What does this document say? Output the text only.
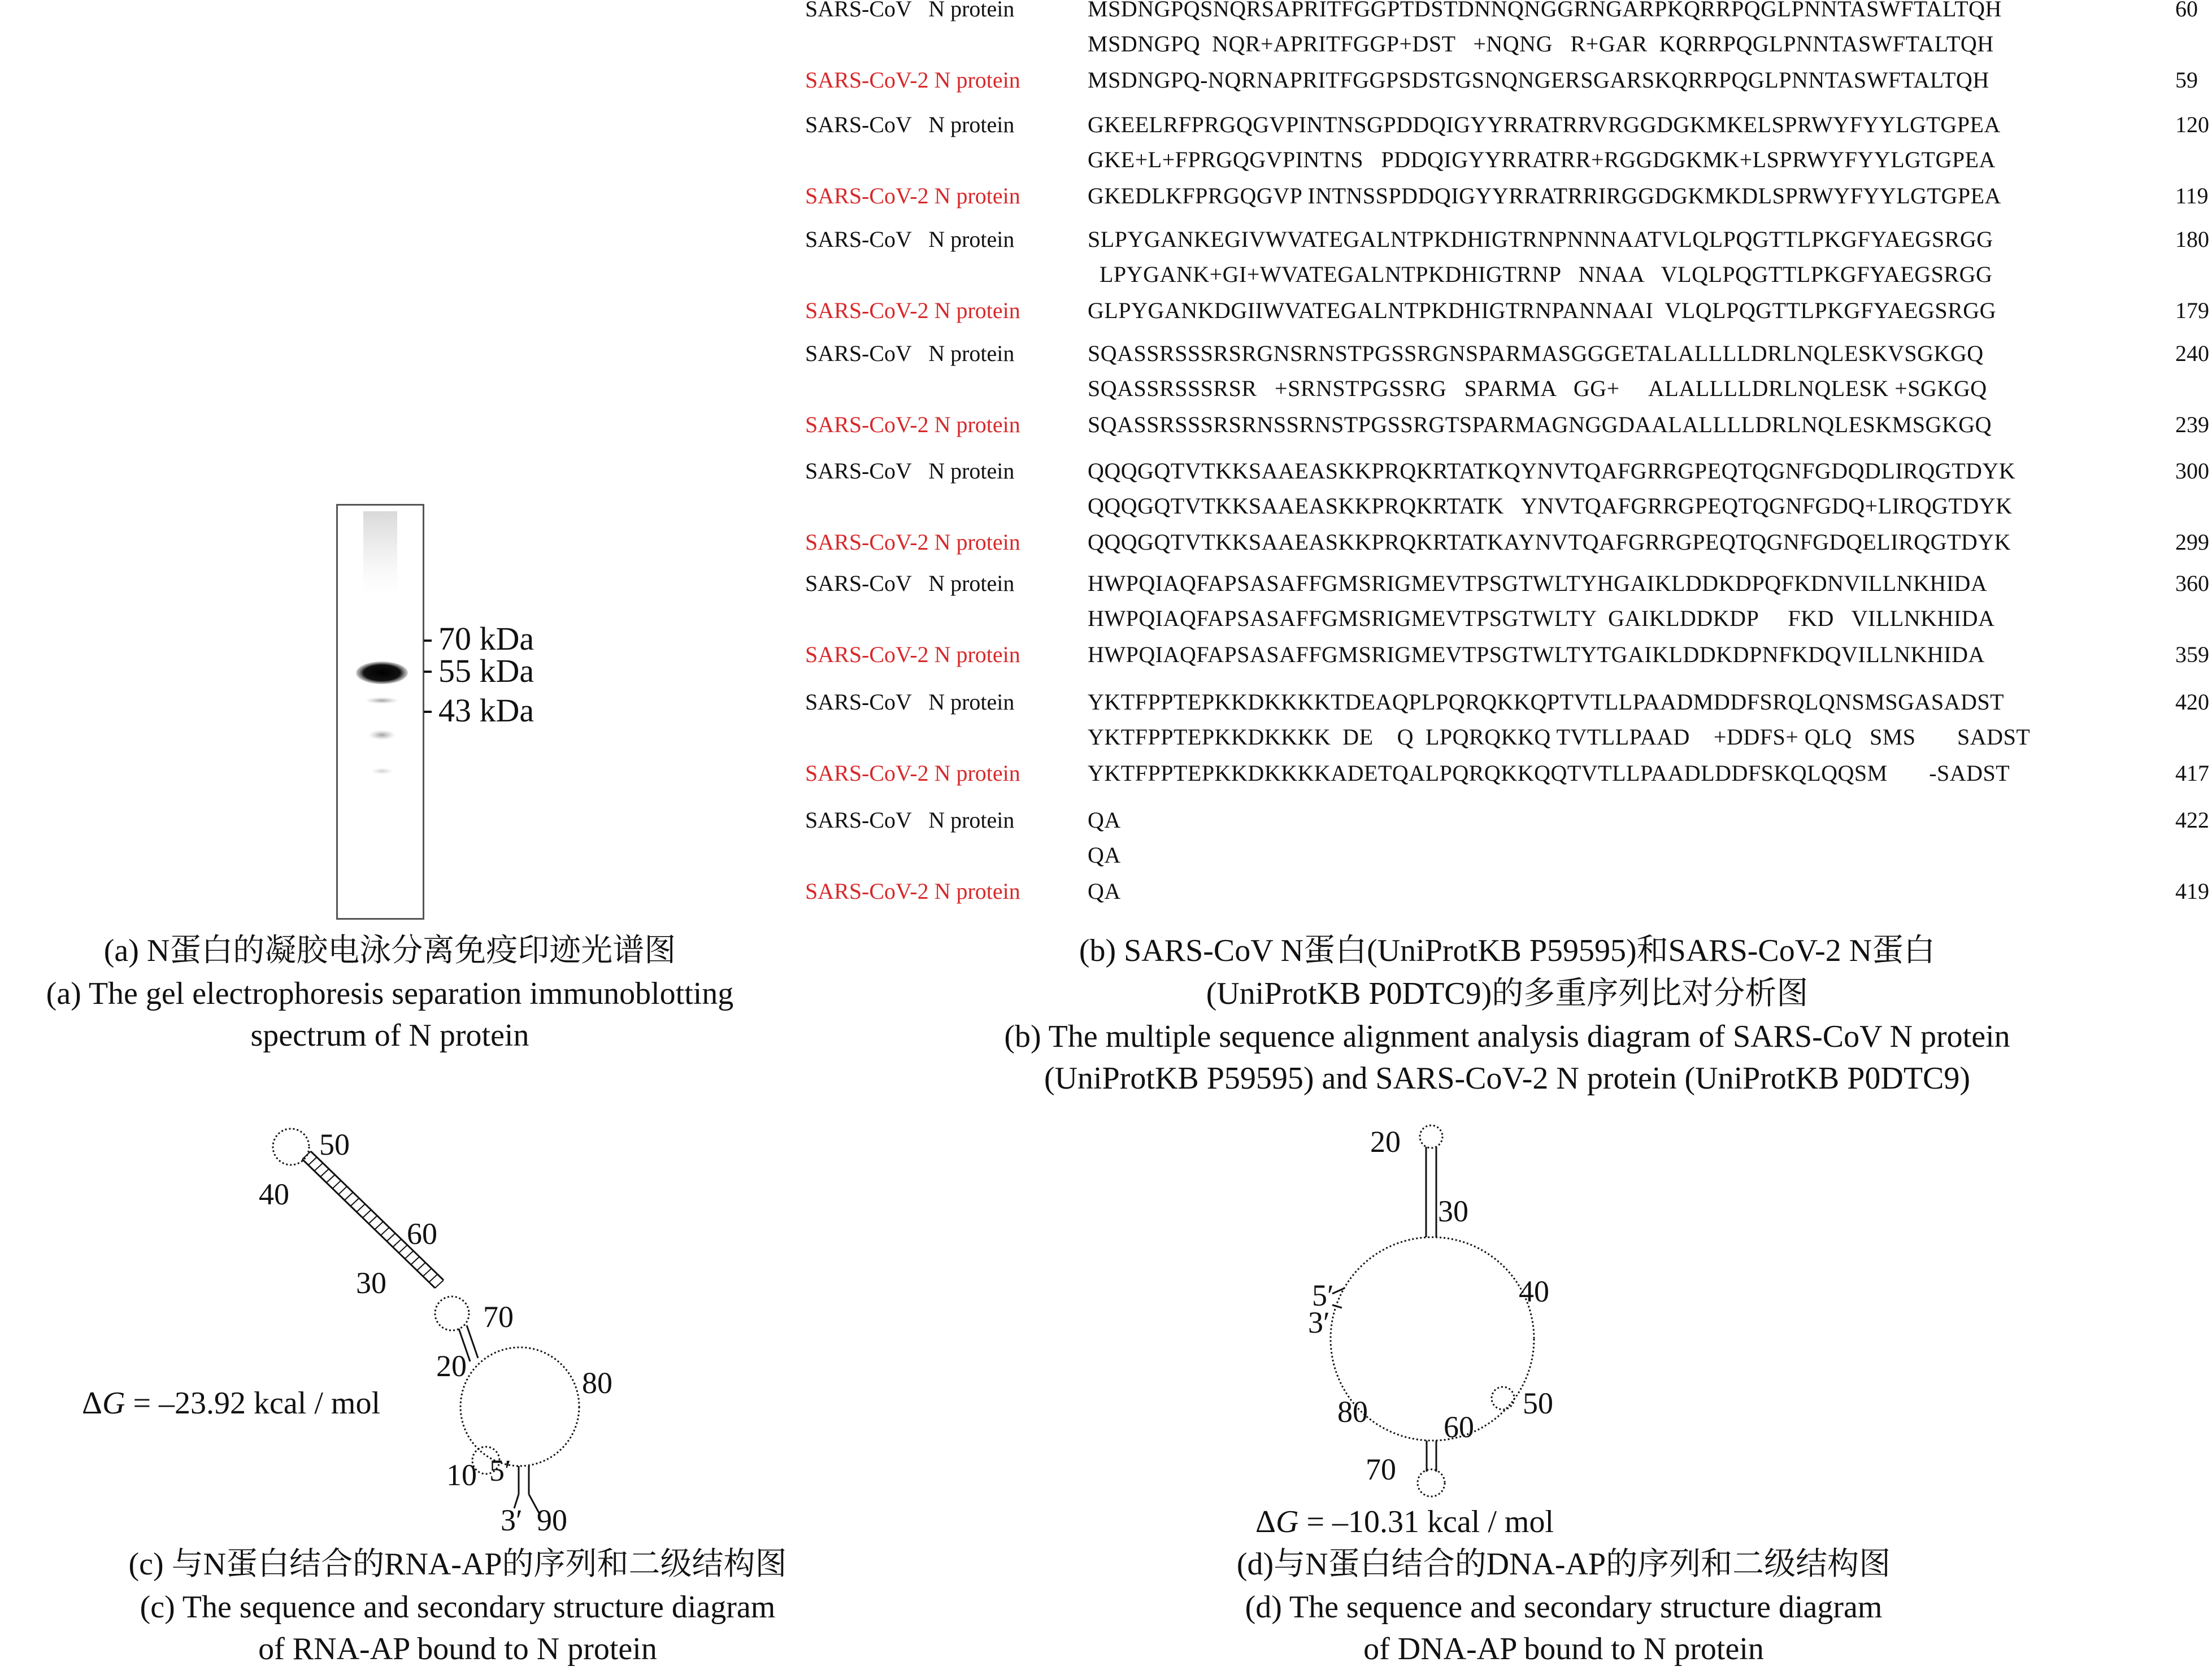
70 kDa
55 kDa
43 kDa
(a) N蛋白的凝胶电泳分离免疫印迹光谱图
(a) The gel electrophoresis separation immunoblotting
spectrum of N protein
SARS-CoV   N protein	MSDNGPQSNQRSAPRITFGGPTDSTDNNQNGGRNGARPKQRRPQGLPNNTASWFTALTQH	60
MSDNGPQ  NQR+APRITFGGP+DST   +NQNG   R+GAR  KQRRPQGLPNNTASWFTALTQH
SARS-CoV-2 N protein	MSDNGPQ-NQRNAPRITFGGPSDSTGSNQNGERSGARSKQRRPQGLPNNTASWFTALTQH	59
SARS-CoV   N protein	GKEELRFPRGQGVPINTNSGPDDQIGYYRRATRRVRGGDGKMKELSPRWYFYYLGTGPEA	120
GKE+L+FPRGQGVPINTNS   PDDQIGYYRRATRR+RGGDGKMK+LSPRWYFYYLGTGPEA
SARS-CoV-2 N protein	GKEDLKFPRGQGVP INTNSSPDDQIGYYRRATRRIRGGDGKMKDLSPRWYFYYLGTGPEA	119
SARS-CoV   N protein	SLPYGANKEGIVWVATEGALNTPKDHIGTRNPNNNAATVLQLPQGTTLPKGFYAEGSRGG	180
LPYGANK+GI+WVATEGALNTPKDHIGTRNP   NNAA   VLQLPQGTTLPKGFYAEGSRGG
SARS-CoV-2 N protein	GLPYGANKDGIIWVATEGALNTPKDHIGTRNPANNAAI  VLQLPQGTTLPKGFYAEGSRGG	179
SARS-CoV   N protein	SQASSRSSSRSRGNSRNSTPGSSRGNSPARMASGGGETALALLLLDRLNQLESKVSGKGQ	240
SQASSRSSSRSR   +SRNSTPGSSRG   SPARMA   GG+     ALALLLLDRLNQLESK +SGKGQ
SARS-CoV-2 N protein	SQASSRSSSRSRNSSRNSTPGSSRGTSPARMAGNGGDAALALLLLDRLNQLESKMSGKGQ	239
SARS-CoV   N protein	QQQGQTVTKKSAAEASKKPRQKRTATKQYNVTQAFGRRGPEQTQGNFGDQDLIRQGTDYK	300
QQQGQTVTKKSAAEASKKPRQKRTATK   YNVTQAFGRRGPEQTQGNFGDQ+LIRQGTDYK
SARS-CoV-2 N protein	QQQGQTVTKKSAAEASKKPRQKRTATKAYNVTQAFGRRGPEQTQGNFGDQELIRQGTDYK	299
SARS-CoV   N protein	HWPQIAQFAPSASAFFGMSRIGMEVTPSGTWLTYHGAIKLDDKDPQFKDNVILLNKHIDA	360
HWPQIAQFAPSASAFFGMSRIGMEVTPSGTWLTY  GAIKLDDKDP     FKD   VILLNKHIDA
SARS-CoV-2 N protein	HWPQIAQFAPSASAFFGMSRIGMEVTPSGTWLTYTGAIKLDDKDPNFKDQVILLNKHIDA	359
SARS-CoV   N protein	YKTFPPTEPKKDKKKKTDEAQPLPQRQKKQPTVTLLPAADMDDFSRQLQNSMSGASADST	420
YKTFPPTEPKKDKKKK  DE    Q  LPQRQKKQ TVTLLPAAD    +DDFS+ QLQ   SMS       SADST
SARS-CoV-2 N protein	YKTFPPTEPKKDKKKKADETQALPQRQKKQQTVTLLPAADLDDFSKQLQQSM       -SADST	417
SARS-CoV   N protein	QA	422
QA
SARS-CoV-2 N protein	QA	419
(b) SARS-CoV N蛋白(UniProtKB P59595)和SARS-CoV-2 N蛋白
(UniProtKB P0DTC9)的多重序列比对分析图
(b) The multiple sequence alignment analysis diagram of SARS-CoV N protein
(UniProtKB P59595) and SARS-CoV-2 N protein (UniProtKB P0DTC9)
50
40
60
30
70
20	80
10 5′
3′ 90
ΔG = –23.92 kcal / mol
(c) 与N蛋白结合的RNA-AP的序列和二级结构图
(c) The sequence and secondary structure diagram
of RNA-AP bound to N protein
20
30
40
5′
3′
50
80 60
70
ΔG = –10.31 kcal / mol
(d)与N蛋白结合的DNA-AP的序列和二级结构图
(d) The sequence and secondary structure diagram
of DNA-AP bound to N protein
